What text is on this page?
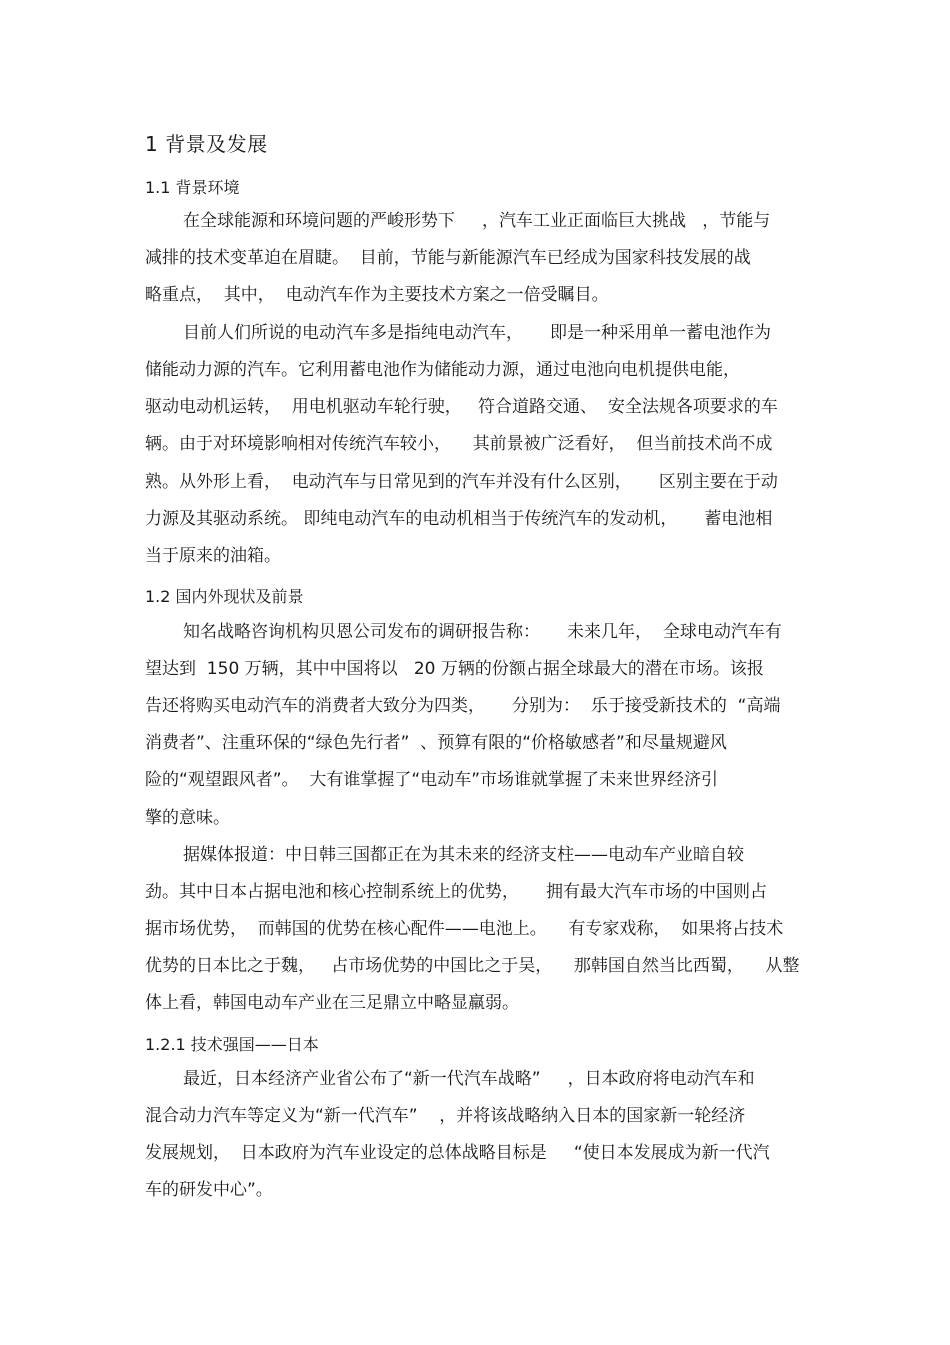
1 背景及发展
1.1 背景环境
在全球能源和环境问题的严峻形势下     ，汽车工业正面临巨大挑战   ，节能与
减排的技术变革迫在眉睫。  目前，节能与新能源汽车已经成为国家科技发展的战
略重点，  其中，  电动汽车作为主要技术方案之一倍受瞩目。
目前人们所说的电动汽车多是指纯电动汽车，     即是一种采用单一蓄电池作为
储能动力源的汽车。它利用蓄电池作为储能动力源，通过电池向电机提供电能，
驱动电动机运转，  用电机驱动车轮行驶，   符合道路交通、  安全法规各项要求的车
辆。由于对环境影响相对传统汽车较小，    其前景被广泛看好，  但当前技术尚不成
熟。从外形上看，  电动汽车与日常见到的汽车并没有什么区别，     区别主要在于动
力源及其驱动系统。 即纯电动汽车的电动机相当于传统汽车的发动机，     蓄电池相
当于原来的油箱。
1.2 国内外现状及前景
知名战略咨询机构贝恩公司发布的调研报告称：     未来几年，  全球电动汽车有
望达到  150 万辆，其中中国将以   20 万辆的份额占据全球最大的潜在市场。该报
告还将购买电动汽车的消费者大致分为四类，     分别为：  乐于接受新技术的  “高端
消费者”、注重环保的“绿色先行者”  、预算有限的“价格敏感者”和尽量规避风
险的“观望跟风者”。  大有谁掌握了“电动车”市场谁就掌握了未来世界经济引
擎的意味。
据媒体报道：中日韩三国都正在为其未来的经济支柱——电动车产业暗自较
劲。其中日本占据电池和核心控制系统上的优势，     拥有最大汽车市场的中国则占
据市场优势，  而韩国的优势在核心配件——电池上。    有专家戏称，  如果将占技术
优势的日本比之于魏，   占市场优势的中国比之于吴，    那韩国自然当比西蜀，    从整
体上看，韩国电动车产业在三足鼎立中略显羸弱。
1.2.1 技术强国——日本
最近，日本经济产业省公布了“新一代汽车战略”     ，日本政府将电动汽车和
混合动力汽车等定义为“新一代汽车”    ，并将该战略纳入日本的国家新一轮经济
发展规划，  日本政府为汽车业设定的总体战略目标是     “使日本发展成为新一代汽
车的研发中心”。
